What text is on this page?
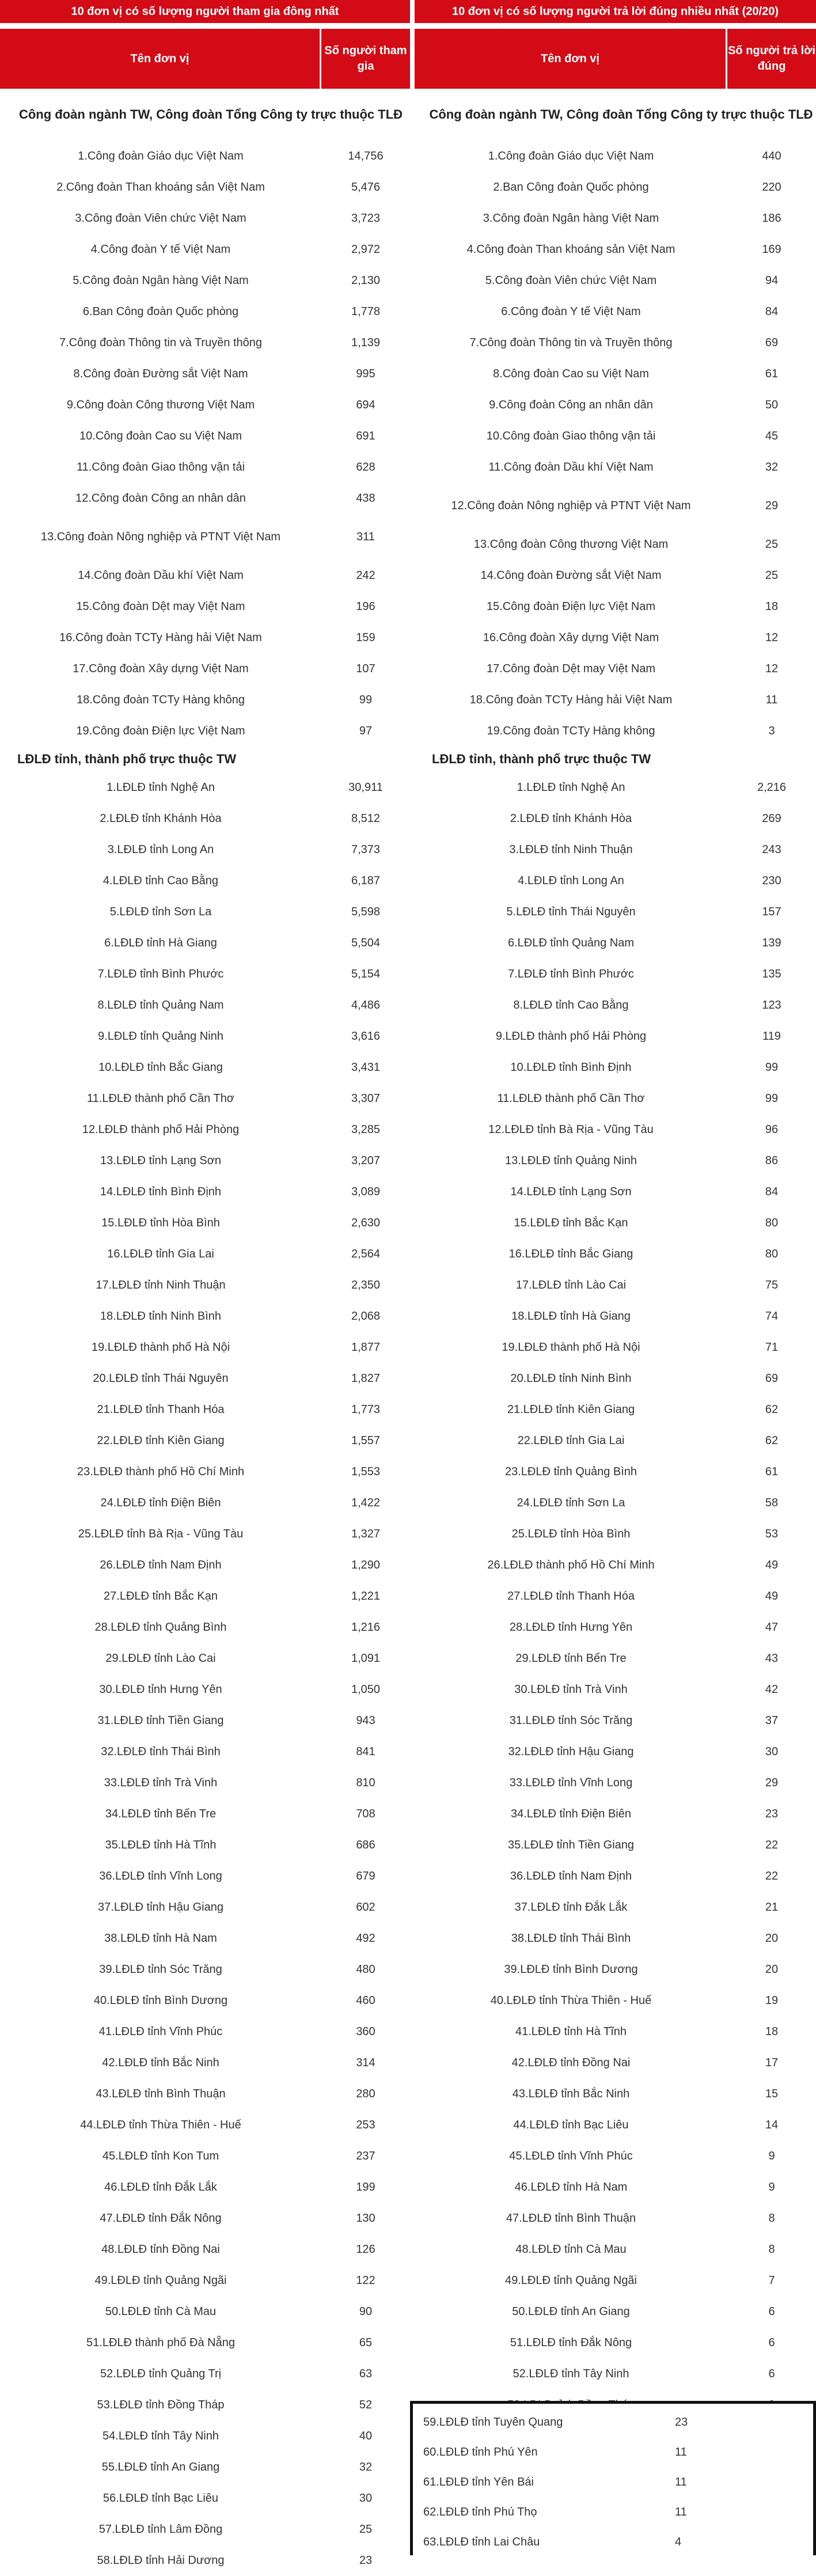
10 đơn vị có số lượng người tham gia đông nhất
Tên đơn vị
Số người tham gia
Công đoàn ngành TW, Công đoàn Tổng Công ty trực thuộc TLĐ
1.Công đoàn Giáo dục Việt Nam	14,756
2.Công đoàn Than khoáng sản Việt Nam	5,476
3.Công đoàn Viên chức Việt Nam	3,723
4.Công đoàn Y tế Việt Nam	2,972
5.Công đoàn Ngân hàng Việt Nam	2,130
6.Ban Công đoàn Quốc phòng	1,778
7.Công đoàn Thông tin và Truyền thông	1,139
8.Công đoàn Đường sắt Việt Nam	995
9.Công đoàn Công thương Việt Nam	694
10.Công đoàn Cao su Việt Nam	691
11.Công đoàn Giao thông vận tải	628
12.Công đoàn Công an nhân dân	438
13.Công đoàn Nông nghiệp và PTNT Việt Nam	311
14.Công đoàn Dầu khí Việt Nam	242
15.Công đoàn Dệt may Việt Nam	196
16.Công đoàn TCTy Hàng hải Việt Nam	159
17.Công đoàn Xây dựng Việt Nam	107
18.Công đoàn TCTy Hàng không	99
19.Công đoàn Điện lực Việt Nam	97
LĐLĐ tỉnh, thành phố trực thuộc TW
1.LĐLĐ tỉnh Nghệ An	30,911
2.LĐLĐ tỉnh Khánh Hòa	8,512
3.LĐLĐ tỉnh Long An	7,373
4.LĐLĐ tỉnh Cao Bằng	6,187
5.LĐLĐ tỉnh Sơn La	5,598
6.LĐLĐ tỉnh Hà Giang	5,504
7.LĐLĐ tỉnh Bình Phước	5,154
8.LĐLĐ tỉnh Quảng Nam	4,486
9.LĐLĐ tỉnh Quảng Ninh	3,616
10.LĐLĐ tỉnh Bắc Giang	3,431
11.LĐLĐ thành phố Cần Thơ	3,307
12.LĐLĐ thành phố Hải Phòng	3,285
13.LĐLĐ tỉnh Lạng Sơn	3,207
14.LĐLĐ tỉnh Bình Định	3,089
15.LĐLĐ tỉnh Hòa Bình	2,630
16.LĐLĐ tỉnh Gia Lai	2,564
17.LĐLĐ tỉnh Ninh Thuận	2,350
18.LĐLĐ tỉnh Ninh Bình	2,068
19.LĐLĐ thành phố Hà Nội	1,877
20.LĐLĐ tỉnh Thái Nguyên	1,827
21.LĐLĐ tỉnh Thanh Hóa	1,773
22.LĐLĐ tỉnh Kiên Giang	1,557
23.LĐLĐ thành phố Hồ Chí Minh	1,553
24.LĐLĐ tỉnh Điện Biên	1,422
25.LĐLĐ tỉnh Bà Rịa - Vũng Tàu	1,327
26.LĐLĐ tỉnh Nam Định	1,290
27.LĐLĐ tỉnh Bắc Kạn	1,221
28.LĐLĐ tỉnh Quảng Bình	1,216
29.LĐLĐ tỉnh Lào Cai	1,091
30.LĐLĐ tỉnh Hưng Yên	1,050
31.LĐLĐ tỉnh Tiền Giang	943
32.LĐLĐ tỉnh Thái Bình	841
33.LĐLĐ tỉnh Trà Vinh	810
34.LĐLĐ tỉnh Bến Tre	708
35.LĐLĐ tỉnh Hà Tĩnh	686
36.LĐLĐ tỉnh Vĩnh Long	679
37.LĐLĐ tỉnh Hậu Giang	602
38.LĐLĐ tỉnh Hà Nam	492
39.LĐLĐ tỉnh Sóc Trăng	480
40.LĐLĐ tỉnh Bình Dương	460
41.LĐLĐ tỉnh Vĩnh Phúc	360
42.LĐLĐ tỉnh Bắc Ninh	314
43.LĐLĐ tỉnh Bình Thuận	280
44.LĐLĐ tỉnh Thừa Thiên - Huế	253
45.LĐLĐ tỉnh Kon Tum	237
46.LĐLĐ tỉnh Đắk Lắk	199
47.LĐLĐ tỉnh Đắk Nông	130
48.LĐLĐ tỉnh Đồng Nai	126
49.LĐLĐ tỉnh Quảng Ngãi	122
50.LĐLĐ tỉnh Cà Mau	90
51.LĐLĐ thành phố Đà Nẵng	65
52.LĐLĐ tỉnh Quảng Trị	63
53.LĐLĐ tỉnh Đồng Tháp	52
54.LĐLĐ tỉnh Tây Ninh	40
55.LĐLĐ tỉnh An Giang	32
56.LĐLĐ tỉnh Bạc Liêu	30
57.LĐLĐ tỉnh Lâm Đồng	25
58.LĐLĐ tỉnh Hải Dương	23
10 đơn vị có số lượng người trả lời đúng nhiều nhất (20/20)
Tên đơn vị
Số người trả lời đúng
Công đoàn ngành TW, Công đoàn Tổng Công ty trực thuộc TLĐ
1.Công đoàn Giáo dục Việt Nam	440
2.Ban Công đoàn Quốc phòng	220
3.Công đoàn Ngân hàng Việt Nam	186
4.Công đoàn Than khoáng sản Việt Nam	169
5.Công đoàn Viên chức Việt Nam	94
6.Công đoàn Y tế Việt Nam	84
7.Công đoàn Thông tin và Truyền thông	69
8.Công đoàn Cao su Việt Nam	61
9.Công đoàn Công an nhân dân	50
10.Công đoàn Giao thông vận tải	45
11.Công đoàn Dầu khí Việt Nam	32
12.Công đoàn Nông nghiệp và PTNT Việt Nam	29
13.Công đoàn Công thương Việt Nam	25
14.Công đoàn Đường sắt Việt Nam	25
15.Công đoàn Điện lực Việt Nam	18
16.Công đoàn Xây dựng Việt Nam	12
17.Công đoàn Dệt may Việt Nam	12
18.Công đoàn TCTy Hàng hải Việt Nam	11
19.Công đoàn TCTy Hàng không	3
LĐLĐ tỉnh, thành phố trực thuộc TW
1.LĐLĐ tỉnh Nghệ An	2,216
2.LĐLĐ tỉnh Khánh Hòa	269
3.LĐLĐ tỉnh Ninh Thuận	243
4.LĐLĐ tỉnh Long An	230
5.LĐLĐ tỉnh Thái Nguyên	157
6.LĐLĐ tỉnh Quảng Nam	139
7.LĐLĐ tỉnh Bình Phước	135
8.LĐLĐ tỉnh Cao Bằng	123
9.LĐLĐ thành phố Hải Phòng	119
10.LĐLĐ tỉnh Bình Định	99
11.LĐLĐ thành phố Cần Thơ	99
12.LĐLĐ tỉnh Bà Rịa - Vũng Tàu	96
13.LĐLĐ tỉnh Quảng Ninh	86
14.LĐLĐ tỉnh Lạng Sơn	84
15.LĐLĐ tỉnh Bắc Kạn	80
16.LĐLĐ tỉnh Bắc Giang	80
17.LĐLĐ tỉnh Lào Cai	75
18.LĐLĐ tỉnh Hà Giang	74
19.LĐLĐ thành phố Hà Nội	71
20.LĐLĐ tỉnh Ninh Bình	69
21.LĐLĐ tỉnh Kiên Giang	62
22.LĐLĐ tỉnh Gia Lai	62
23.LĐLĐ tỉnh Quảng Bình	61
24.LĐLĐ tỉnh Sơn La	58
25.LĐLĐ tỉnh Hòa Bình	53
26.LĐLĐ thành phố Hồ Chí Minh	49
27.LĐLĐ tỉnh Thanh Hóa	49
28.LĐLĐ tỉnh Hưng Yên	47
29.LĐLĐ tỉnh Bến Tre	43
30.LĐLĐ tỉnh Trà Vinh	42
31.LĐLĐ tỉnh Sóc Trăng	37
32.LĐLĐ tỉnh Hậu Giang	30
33.LĐLĐ tỉnh Vĩnh Long	29
34.LĐLĐ tỉnh Điện Biên	23
35.LĐLĐ tỉnh Tiền Giang	22
36.LĐLĐ tỉnh Nam Định	22
37.LĐLĐ tỉnh Đắk Lắk	21
38.LĐLĐ tỉnh Thái Bình	20
39.LĐLĐ tỉnh Bình Dương	20
40.LĐLĐ tỉnh Thừa Thiên - Huế	19
41.LĐLĐ tỉnh Hà Tĩnh	18
42.LĐLĐ tỉnh Đồng Nai	17
43.LĐLĐ tỉnh Bắc Ninh	15
44.LĐLĐ tỉnh Bạc Liêu	14
45.LĐLĐ tỉnh Vĩnh Phúc	9
46.LĐLĐ tỉnh Hà Nam	9
47.LĐLĐ tỉnh Bình Thuận	8
48.LĐLĐ tỉnh Cà Mau	8
49.LĐLĐ tỉnh Quảng Ngãi	7
50.LĐLĐ tỉnh An Giang	6
51.LĐLĐ tỉnh Đắk Nông	6
52.LĐLĐ tỉnh Tây Ninh	6
59.LĐLĐ tỉnh Tuyên Quang	23
60.LĐLĐ tỉnh Phú Yên	11
61.LĐLĐ tỉnh Yên Bái	11
62.LĐLĐ tỉnh Phú Thọ	11
63.LĐLĐ tỉnh Lai Châu	4
